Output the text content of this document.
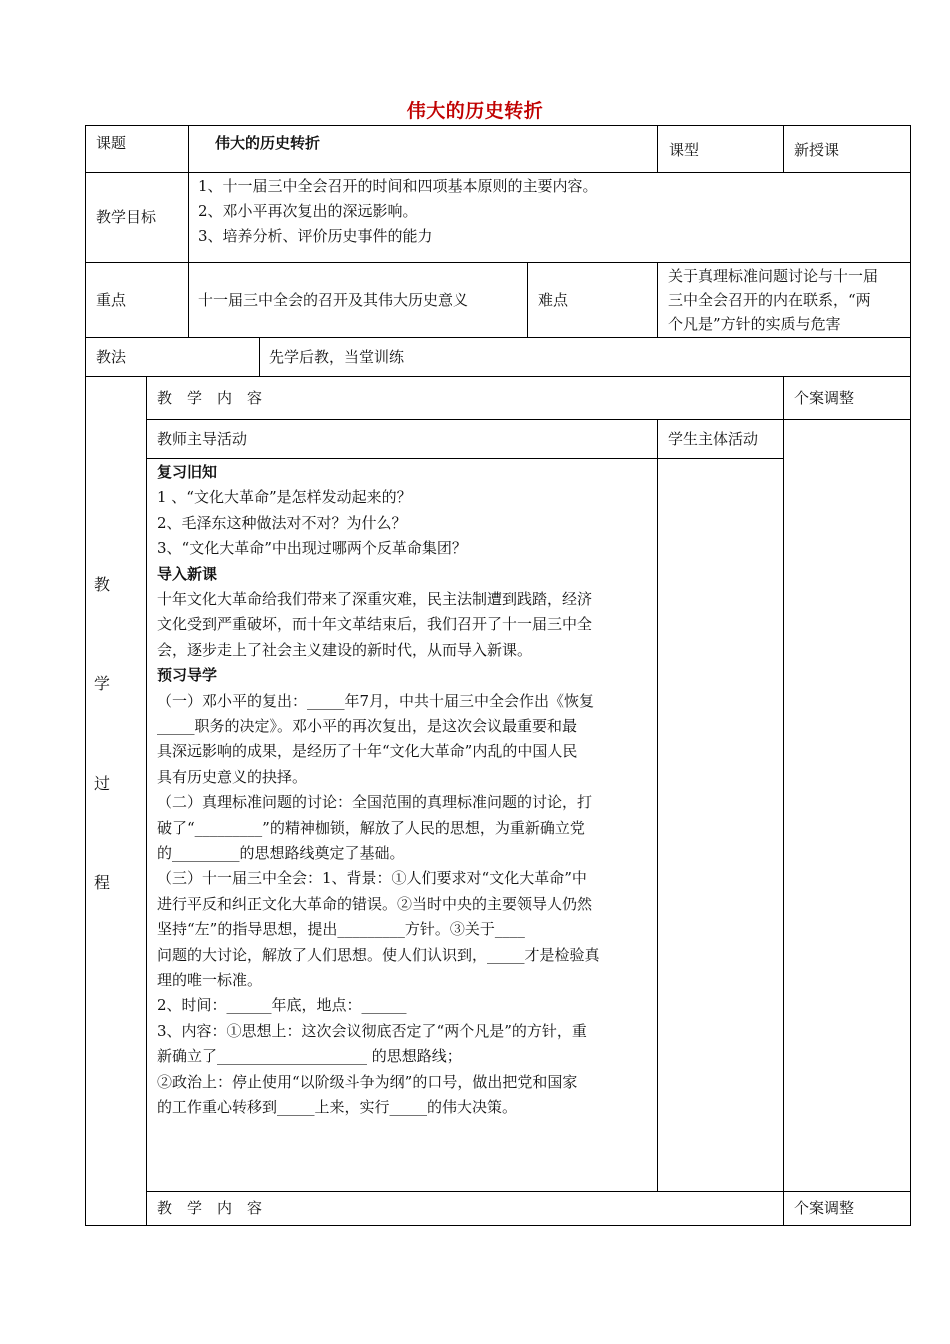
伟大的历史转折
课题	伟大的历史转折	课型	新授课
教学目标
1、十一届三中全会召开的时间和四项基本原则的主要内容。
2、邓小平再次复出的深远影响。
3、培养分析、评价历史事件的能力
重点	十一届三中全会的召开及其伟大历史意义	难点
关于真理标准问题讨论与十一届
三中全会召开的内在联系，“两
个凡是”方针的实质与危害
教法	先学后教，当堂训练
教
学
过
程
教　学　内　容	个案调整
教师主导活动	学生主体活动
复习旧知
1 、“文化大革命”是怎样发动起来的？
2、毛泽东这种做法对不对？为什么？
3、“文化大革命”中出现过哪两个反革命集团？
导入新课
十年文化大革命给我们带来了深重灾难，民主法制遭到践踏，经济
文化受到严重破坏，而十年文革结束后，我们召开了十一届三中全
会，逐步走上了社会主义建设的新时代，从而导入新课。
预习导学
（一）邓小平的复出：_____年7月，中共十届三中全会作出《恢复
_____职务的决定》。邓小平的再次复出，是这次会议最重要和最
具深远影响的成果，是经历了十年“文化大革命”内乱的中国人民
具有历史意义的抉择。
（二）真理标准问题的讨论：全国范围的真理标准问题的讨论，打
破了“_________”的精神枷锁，解放了人民的思想，为重新确立党
的_________的思想路线奠定了基础。
（三）十一届三中全会：1、背景：①人们要求对“文化大革命”中
进行平反和纠正文化大革命的错误。②当时中央的主要领导人仍然
坚持“左”的指导思想，提出_________方针。③关于____
问题的大讨论，解放了人们思想。使人们认识到，_____才是检验真
理的唯一标准。
2、时间：______年底，地点：______
3、内容：①思想上：这次会议彻底否定了“两个凡是”的方针，重
新确立了____________________ 的思想路线；
②政治上：停止使用“以阶级斗争为纲”的口号，做出把党和国家
的工作重心转移到_____上来，实行_____的伟大决策。
教　学　内　容	个案调整
